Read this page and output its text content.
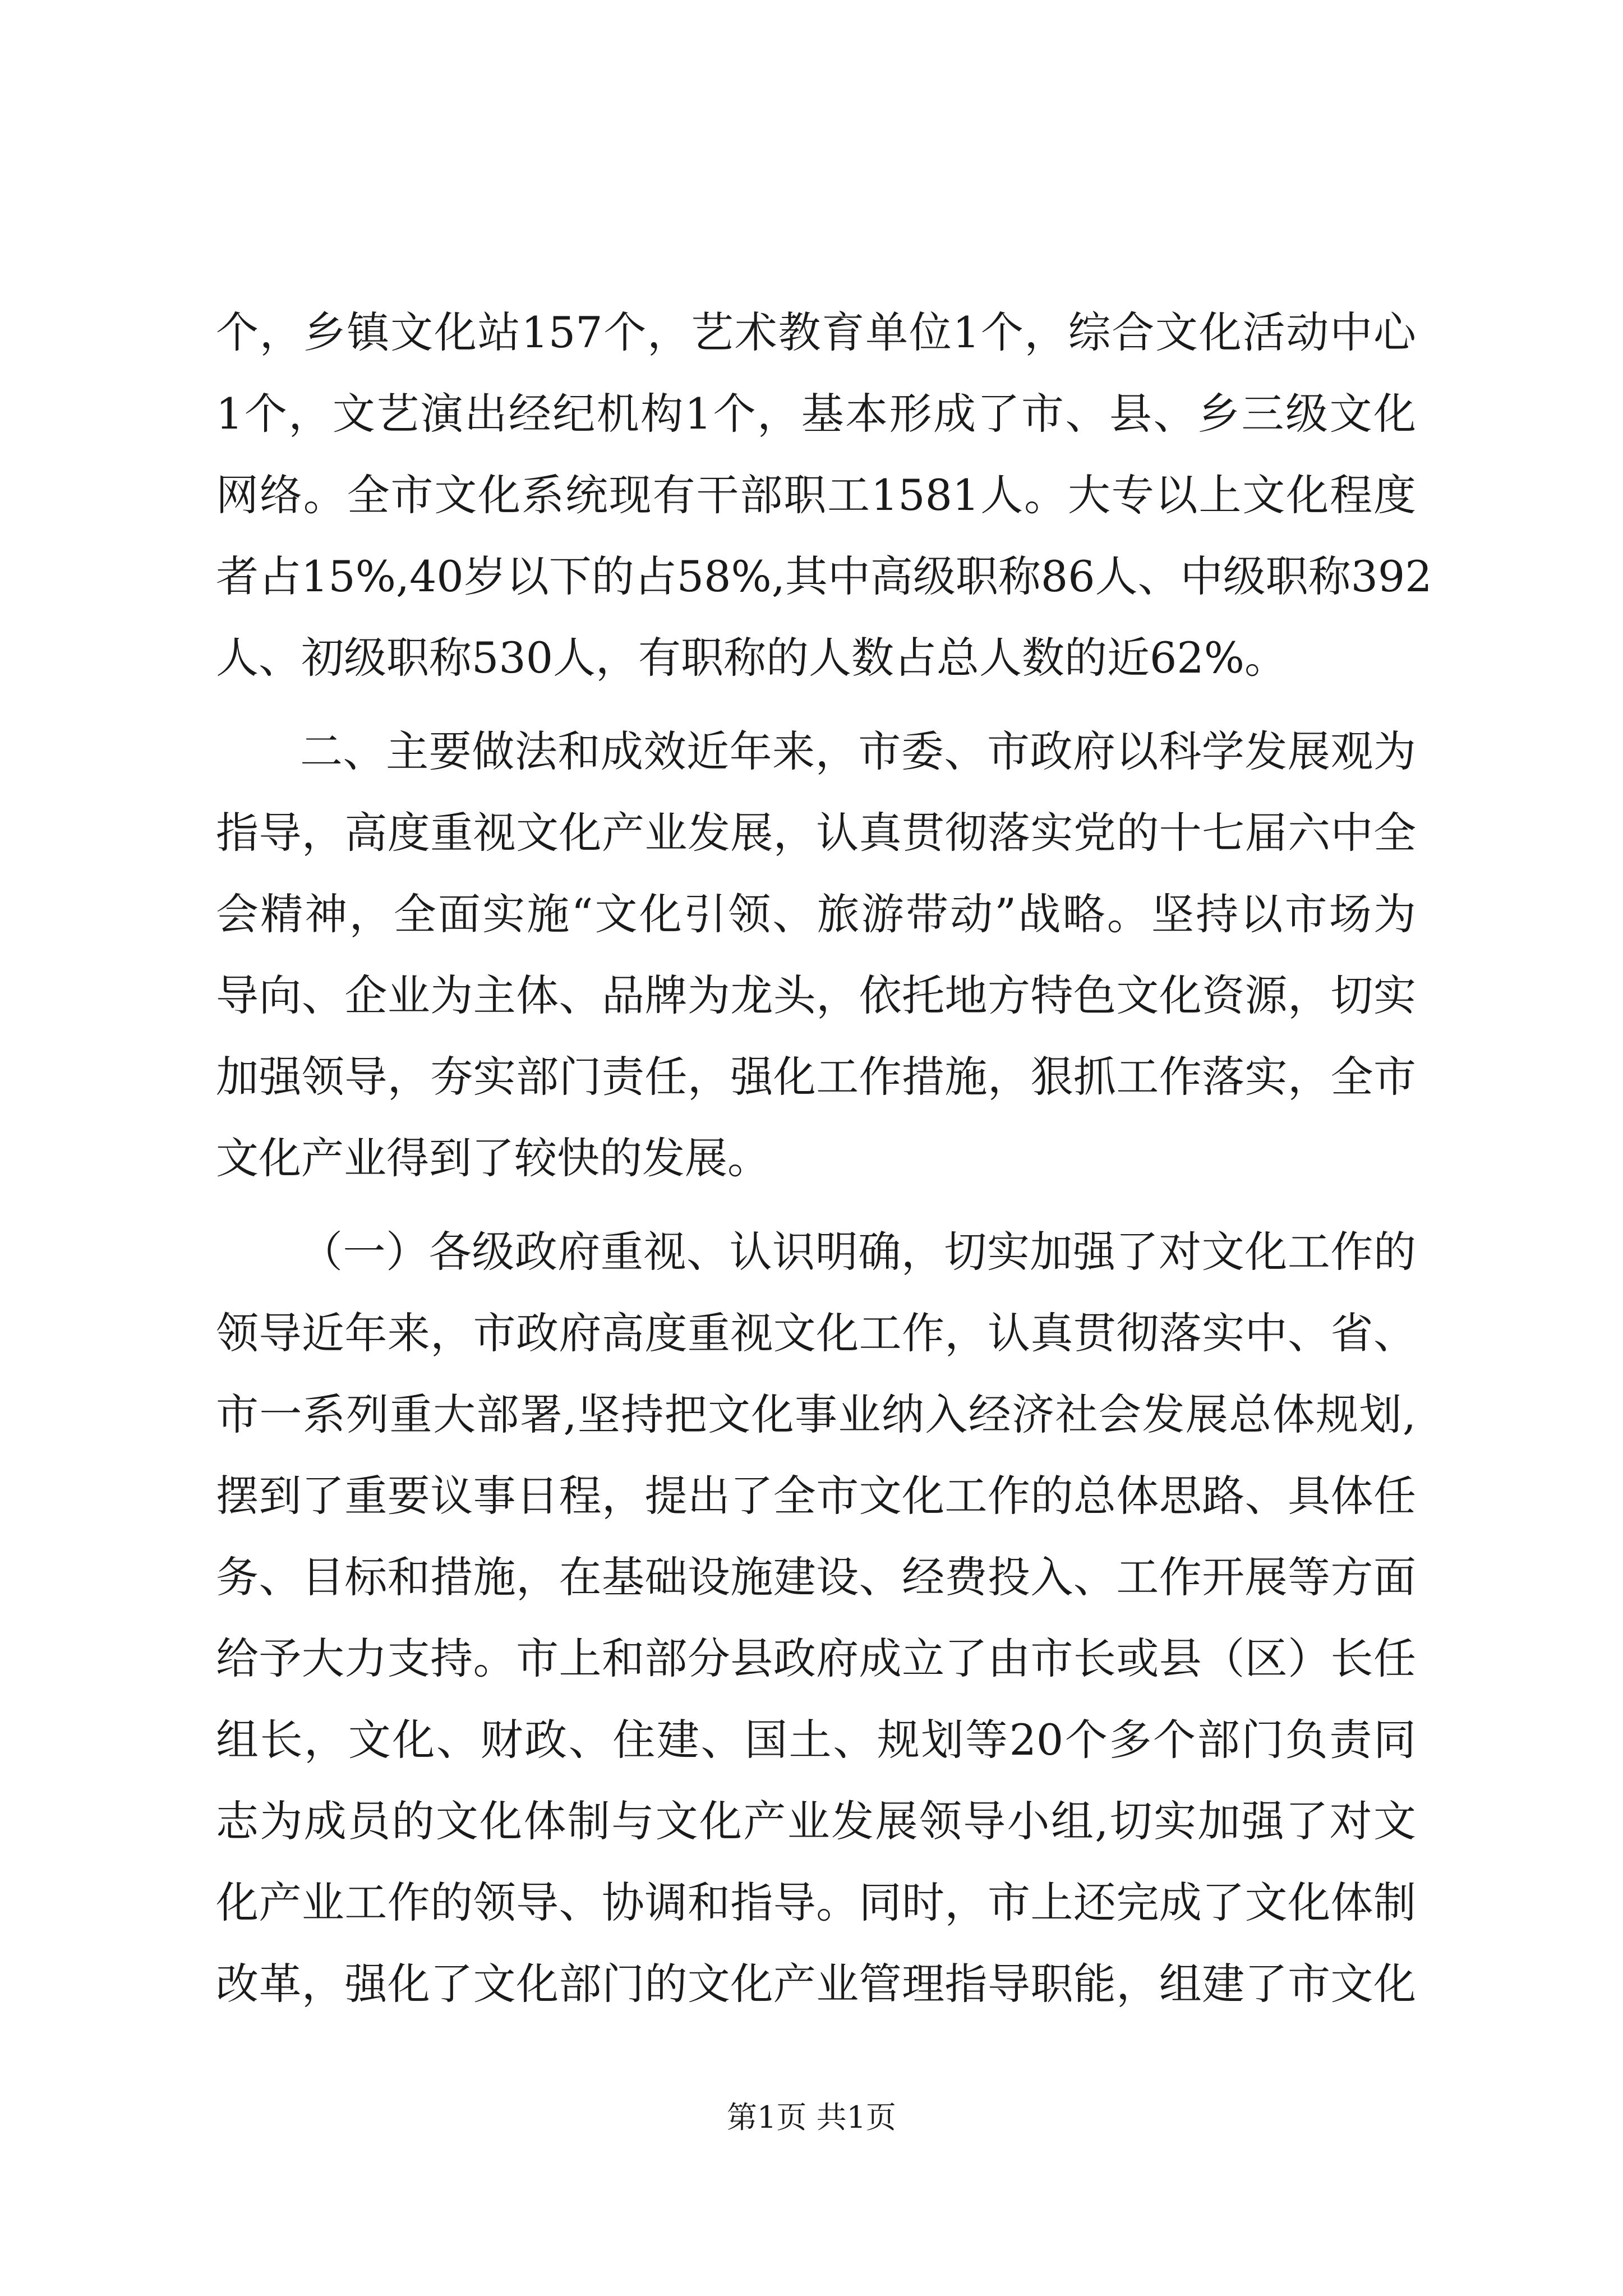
个，乡镇文化站157个，艺术教育单位1个，综合文化活动中心
1个，文艺演出经纪机构1个，基本形成了市、县、乡三级文化
网络。全市文化系统现有干部职工1581人。大专以上文化程度
者占15%,40岁以下的占58%,其中高级职称86人、中级职称392
人、初级职称530人，有职称的人数占总人数的近62%。
二、主要做法和成效近年来，市委、市政府以科学发展观为
指导，高度重视文化产业发展，认真贯彻落实党的十七届六中全
会精神，全面实施“文化引领、旅游带动”战略。坚持以市场为
导向、企业为主体、品牌为龙头，依托地方特色文化资源，切实
加强领导，夯实部门责任，强化工作措施，狠抓工作落实，全市
文化产业得到了较快的发展。
（一）各级政府重视、认识明确，切实加强了对文化工作的
领导近年来，市政府高度重视文化工作，认真贯彻落实中、省、
市一系列重大部署,坚持把文化事业纳入经济社会发展总体规划,
摆到了重要议事日程，提出了全市文化工作的总体思路、具体任
务、目标和措施，在基础设施建设、经费投入、工作开展等方面
给予大力支持。市上和部分县政府成立了由市长或县（区）长任
组长，文化、财政、住建、国土、规划等20个多个部门负责同
志为成员的文化体制与文化产业发展领导小组,切实加强了对文
化产业工作的领导、协调和指导。同时，市上还完成了文化体制
改革，强化了文化部门的文化产业管理指导职能，组建了市文化
第1页 共1页
